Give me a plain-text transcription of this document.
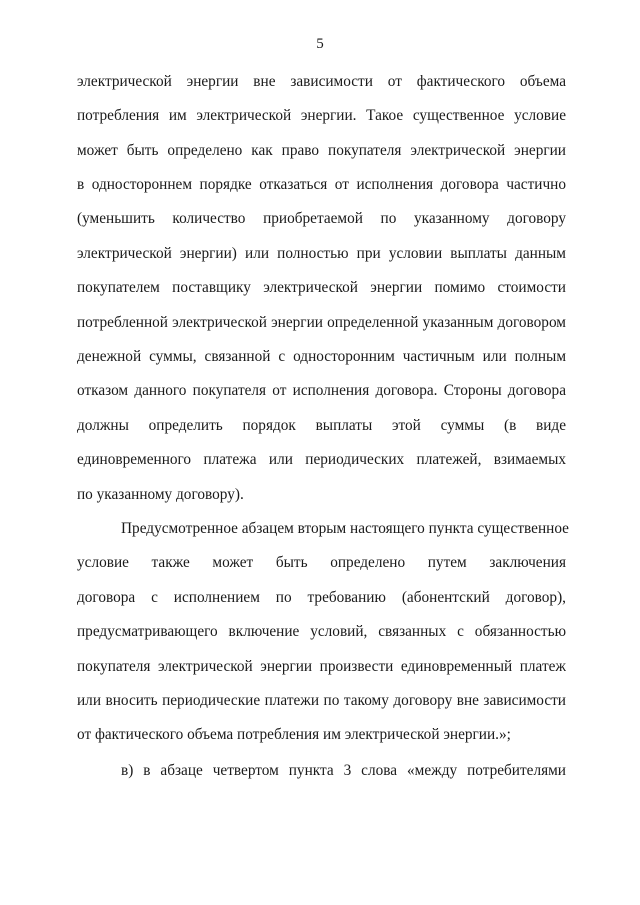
5
электрической энергии вне зависимости от фактического объема
потребления им электрической энергии. Такое существенное условие
может быть определено как право покупателя электрической энергии
в одностороннем порядке отказаться от исполнения договора частично
(уменьшить количество приобретаемой по указанному договору
электрической энергии) или полностью при условии выплаты данным
покупателем поставщику электрической энергии помимо стоимости
потребленной электрической энергии определенной указанным договором
денежной суммы, связанной с односторонним частичным или полным
отказом данного покупателя от исполнения договора. Стороны договора
должны определить порядок выплаты этой суммы (в виде
единовременного платежа или периодических платежей, взимаемых
по указанному договору).
Предусмотренное абзацем вторым настоящего пункта существенное
условие также может быть определено путем заключения
договора с исполнением по требованию (абонентский договор),
предусматривающего включение условий, связанных с обязанностью
покупателя электрической энергии произвести единовременный платеж
или вносить периодические платежи по такому договору вне зависимости
от фактического объема потребления им электрической энергии.»;
в) в абзаце четвертом пункта 3 слова «между потребителями
